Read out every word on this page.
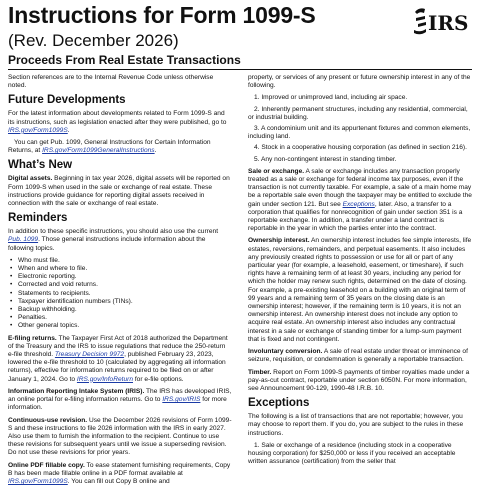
Instructions for Form 1099-S
(Rev. December 2026)
Proceeds From Real Estate Transactions
IRS

Section references are to the Internal Revenue Code unless otherwise noted.

Future Developments

For the latest information about developments related to Form 1099-S and its instructions, such as legislation enacted after they were published, go to IRS.gov/Form1099S.

You can get Pub. 1099, General Instructions for Certain Information Returns, at IRS.gov/Form1099GeneralInstructions.

What’s New

Digital assets. Beginning in tax year 2026, digital assets will be reported on Form 1099-S when used in the sale or exchange of real estate. These instructions provide guidance for reporting digital assets received in connection with the sale or exchange of real estate.

Reminders

In addition to these specific instructions, you should also use the current Pub. 1099. Those general instructions include information about the following topics.

• Who must file.
• When and where to file.
• Electronic reporting.
• Corrected and void returns.
• Statements to recipients.
• Taxpayer identification numbers (TINs).
• Backup withholding.
• Penalties.
• Other general topics.

E-filing returns. The Taxpayer First Act of 2018 authorized the Department of the Treasury and the IRS to issue regulations that reduce the 250-return e-file threshold. Treasury Decision 9972, published February 23, 2023, lowered the e-file threshold to 10 (calculated by aggregating all information returns), effective for information returns required to be filed on or after January 1, 2024. Go to IRS.gov/InfoReturn for e-file options.

Information Reporting Intake System (IRIS). The IRS has developed IRIS, an online portal for e-filing information returns. Go to IRS.gov/IRIS for more information.

Continuous-use revision. Use the December 2026 revisions of Form 1099-S and these instructions to file 2026 information with the IRS in early 2027. Also use them to furnish the information to the recipient. Continue to use these revisions for subsequent years until we issue a superseding revision. Do not use these revisions for prior years.

Online PDF fillable copy. To ease statement furnishing requirements, Copy B has been made fillable online in a PDF format available at IRS.gov/Form1099S. You can fill out Copy B online and

property, or services of any present or future ownership interest in any of the following.

1. Improved or unimproved land, including air space.
2. Inherently permanent structures, including any residential, commercial, or industrial building.
3. A condominium unit and its appurtenant fixtures and common elements, including land.
4. Stock in a cooperative housing corporation (as defined in section 216).
5. Any non-contingent interest in standing timber.

Sale or exchange. A sale or exchange includes any transaction properly treated as a sale or exchange for federal income tax purposes, even if the transaction is not currently taxable. For example, a sale of a main home may be a reportable sale even though the taxpayer may be entitled to exclude the gain under section 121. But see Exceptions, later. Also, a transfer to a corporation that qualifies for nonrecognition of gain under section 351 is a reportable exchange. In addition, a transfer under a land contract is reportable in the year in which the parties enter into the contract.

Ownership interest. An ownership interest includes fee simple interests, life estates, reversions, remainders, and perpetual easements. It also includes any previously created rights to possession or use for all or part of any particular year (for example, a leasehold, easement, or timeshare), if such rights have a remaining term of at least 30 years, including any period for which the holder may renew such rights, determined on the date of closing. For example, a pre-existing leasehold on a building with an original term of 99 years and a remaining term of 35 years on the closing date is an ownership interest; however, if the remaining term is 10 years, it is not an ownership interest. An ownership interest does not include any option to acquire real estate. An ownership interest also includes any contractual interest in a sale or exchange of standing timber for a lump-sum payment that is fixed and not contingent.

Involuntary conversion. A sale of real estate under threat or imminence of seizure, requisition, or condemnation is generally a reportable transaction.

Timber. Report on Form 1099-S payments of timber royalties made under a pay-as-cut contract, reportable under section 6050N. For more information, see Announcement 90-129, 1990-48 I.R.B. 10.

Exceptions

The following is a list of transactions that are not reportable; however, you may choose to report them. If you do, you are subject to the rules in these instructions.

1. Sale or exchange of a residence (including stock in a cooperative housing corporation) for $250,000 or less if you received an acceptable written assurance (certification) from the seller that
